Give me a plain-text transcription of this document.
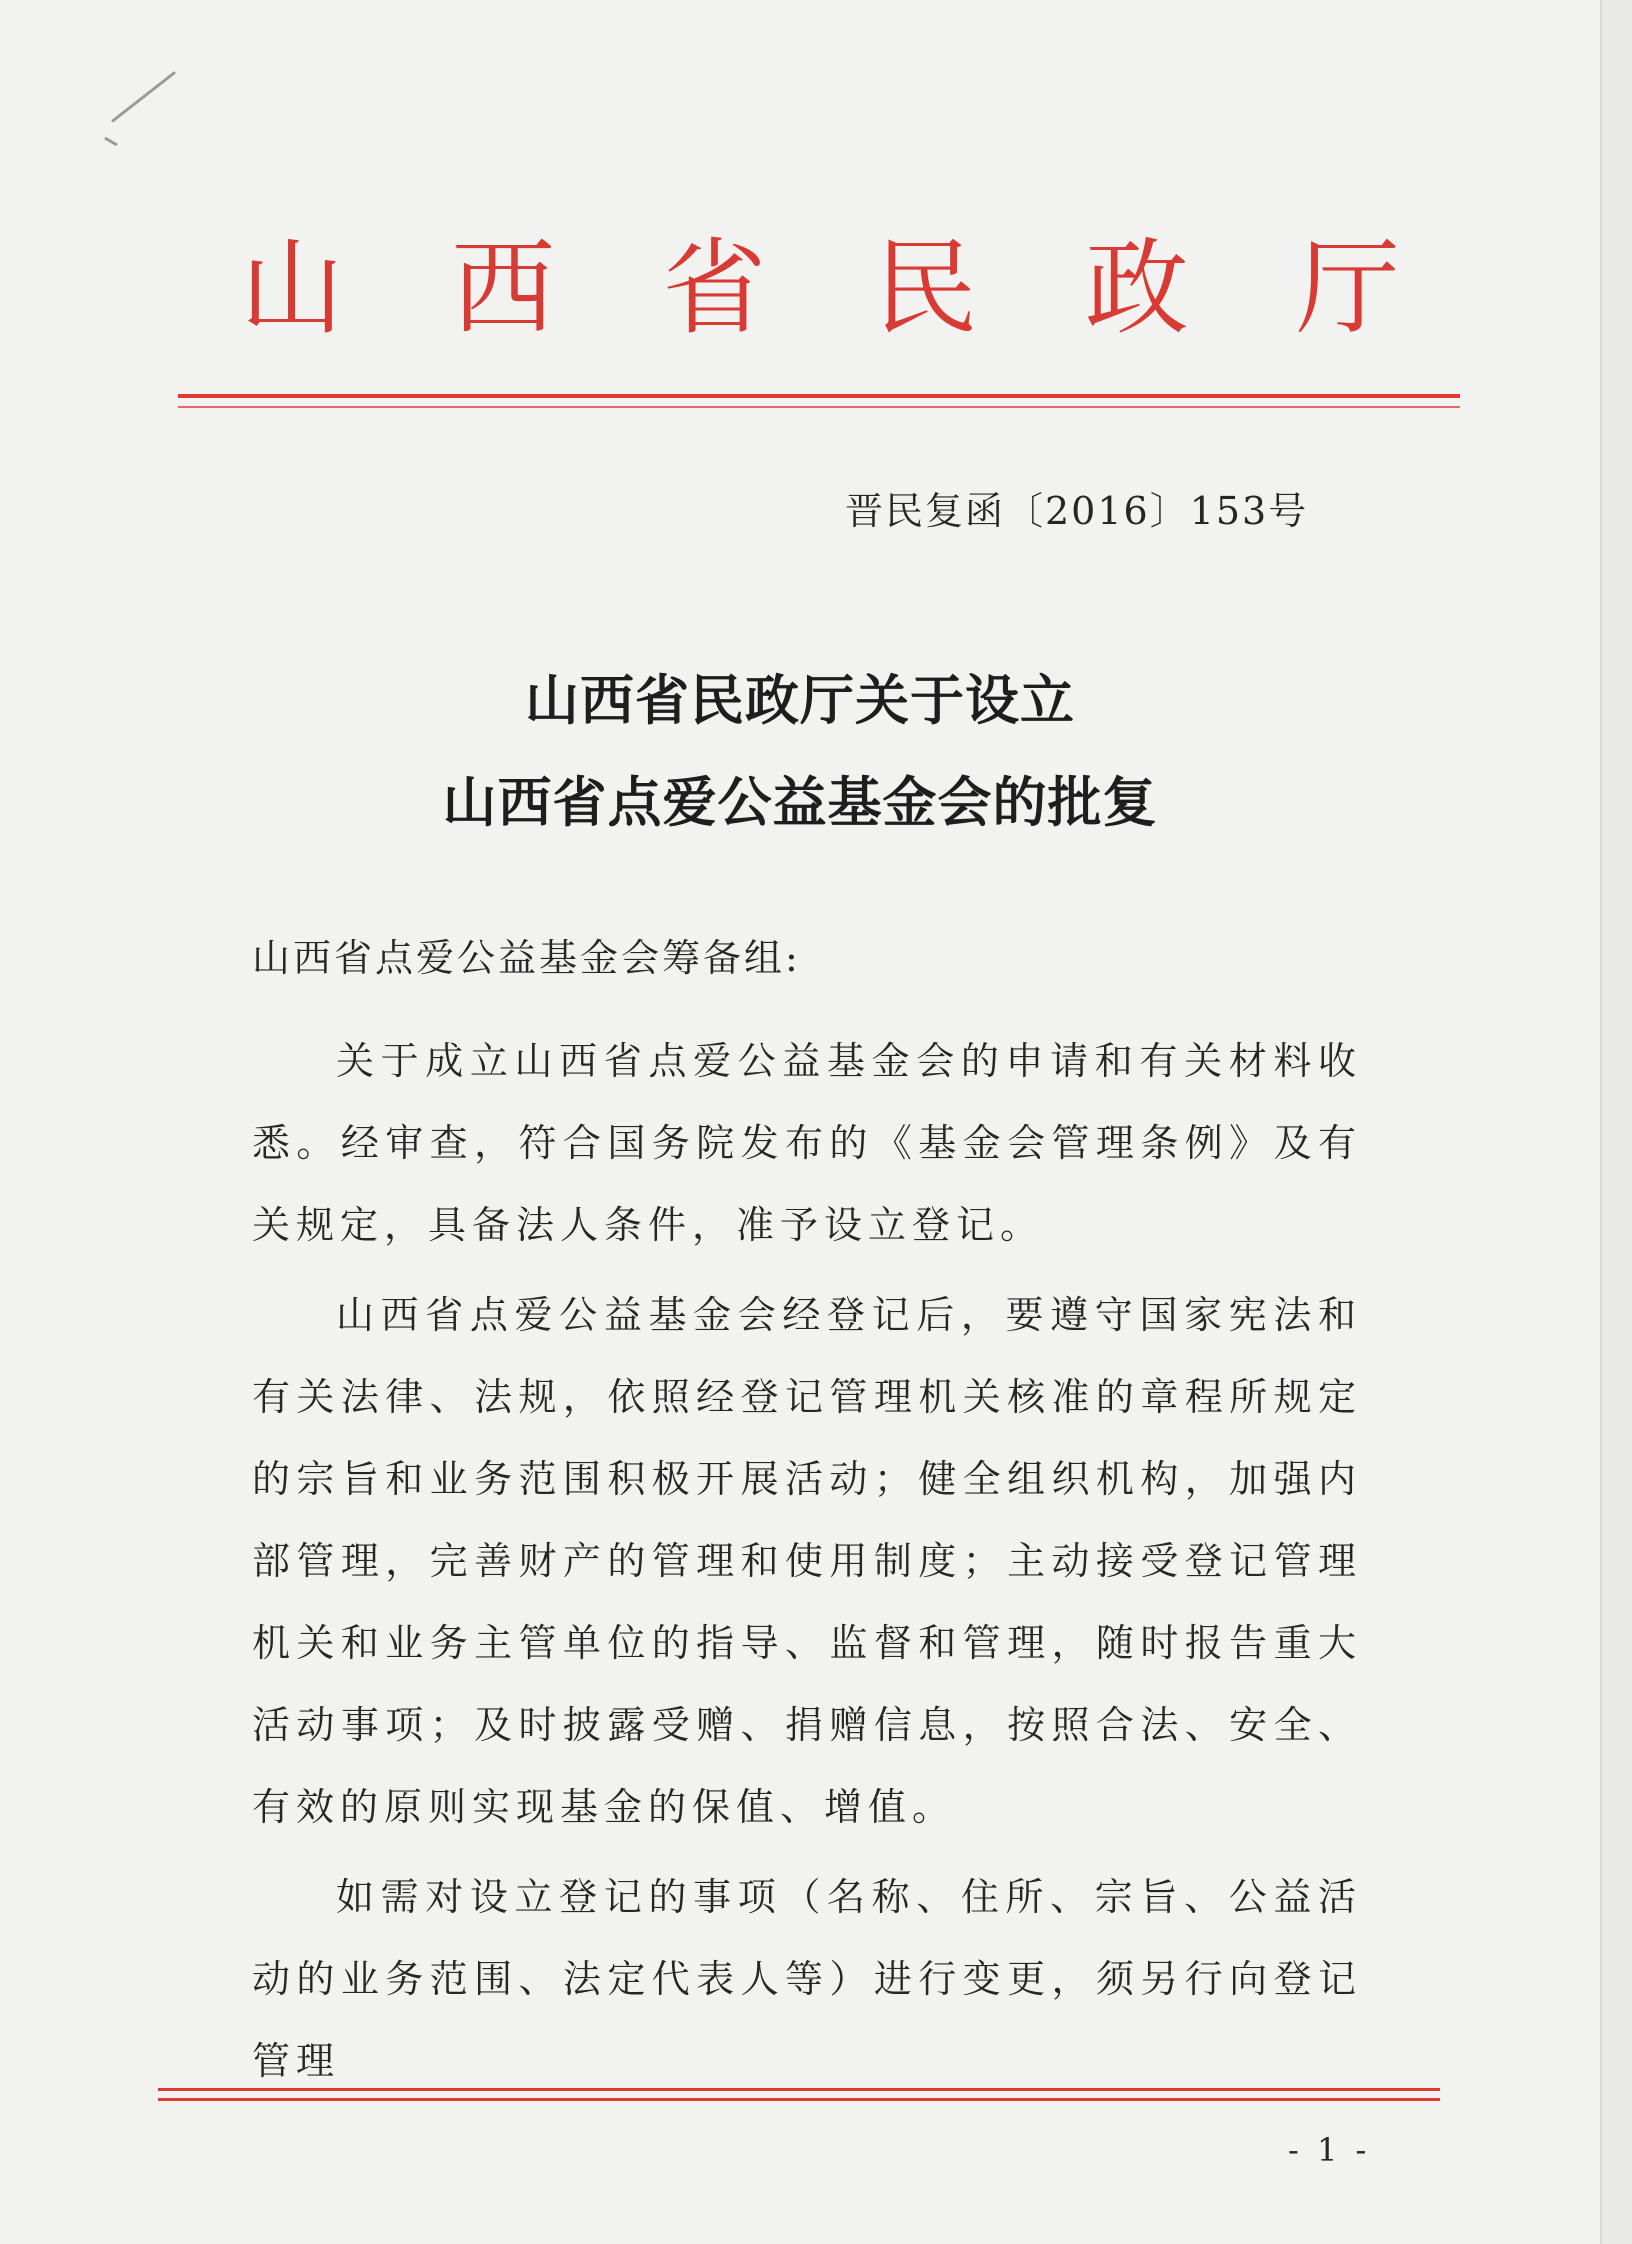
山 西 省 民 政 厅
晋民复函〔2016〕153号
山西省民政厅关于设立
山西省点爱公益基金会的批复
山西省点爱公益基金会筹备组:

关于成立山西省点爱公益基金会的申请和有关材料收悉。经审查，符合国务院发布的《基金会管理条例》及有关规定，具备法人条件，准予设立登记。

山西省点爱公益基金会经登记后，要遵守国家宪法和有关法律、法规，依照经登记管理机关核准的章程所规定的宗旨和业务范围积极开展活动；健全组织机构，加强内部管理，完善财产的管理和使用制度；主动接受登记管理机关和业务主管单位的指导、监督和管理，随时报告重大活动事项；及时披露受赠、捐赠信息，按照合法、安全、有效的原则实现基金的保值、增值。

如需对设立登记的事项（名称、住所、宗旨、公益活动的业务范围、法定代表人等）进行变更，须另行向登记管理

- 1 -
